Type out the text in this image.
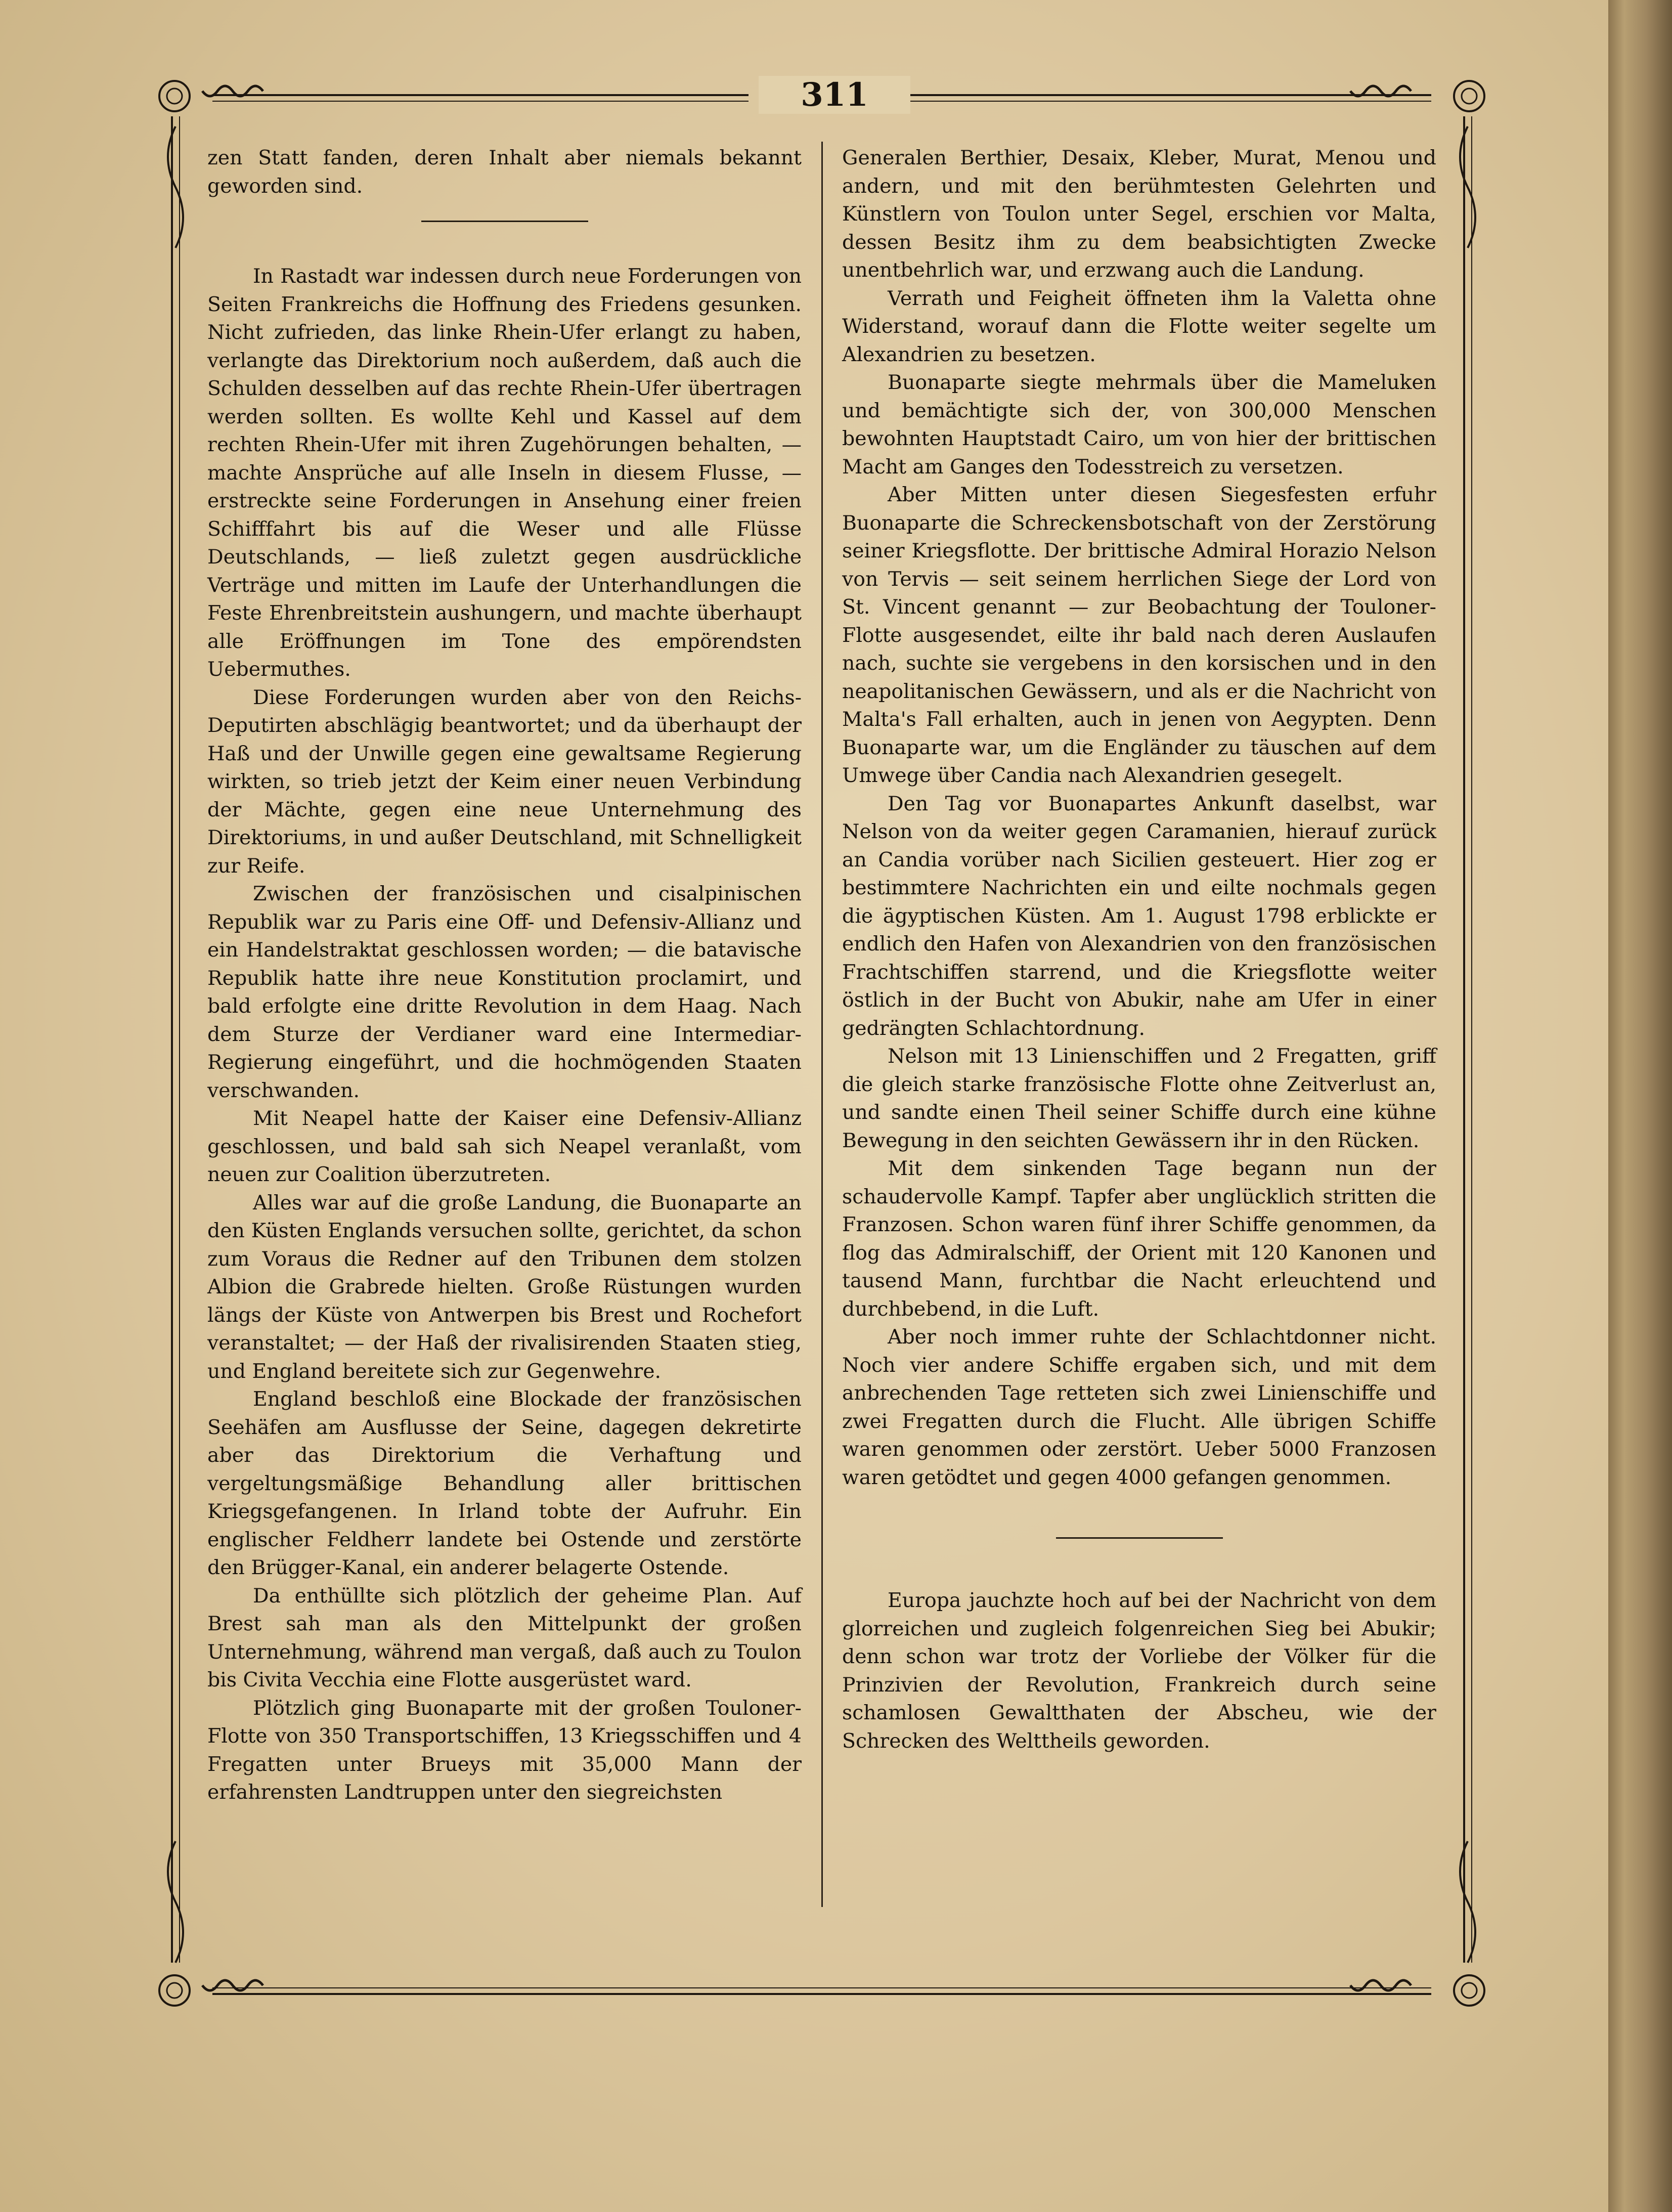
311

zen Statt fanden, deren Inhalt aber niemals bekannt geworden sind.

In Rastadt war indessen durch neue Forderungen von Seiten Frankreichs die Hoffnung des Friedens gesunken. Nicht zufrieden, das linke Rhein-Ufer erlangt zu haben, verlangte das Direktorium noch außerdem, daß auch die Schulden desselben auf das rechte Rhein-Ufer übertragen werden sollten. Es wollte Kehl und Kassel auf dem rechten Rhein-Ufer mit ihren Zugehörungen behalten, — machte Ansprüche auf alle Inseln in diesem Flusse, — erstreckte seine Forderungen in Ansehung einer freien Schifffahrt bis auf die Weser und alle Flüsse Deutschlands, — ließ zuletzt gegen ausdrückliche Verträge und mitten im Laufe der Unterhandlungen die Feste Ehrenbreitstein aushungern, und machte überhaupt alle Eröffnungen im Tone des empörendsten Uebermuthes.

Diese Forderungen wurden aber von den Reichs-Deputirten abschlägig beantwortet; und da überhaupt der Haß und der Unwille gegen eine gewaltsame Regierung wirkten, so trieb jetzt der Keim einer neuen Verbindung der Mächte, gegen eine neue Unternehmung des Direktoriums, in und außer Deutschland, mit Schnelligkeit zur Reife.

Zwischen der französischen und cisalpinischen Republik war zu Paris eine Off- und Defensiv-Allianz und ein Handelstraktat geschlossen worden; — die batavische Republik hatte ihre neue Konstitution proclamirt, und bald erfolgte eine dritte Revolution in dem Haag. Nach dem Sturze der Verdianer ward eine Intermediar-Regierung eingeführt, und die hochmögenden Staaten verschwanden.

Mit Neapel hatte der Kaiser eine Defensiv-Allianz geschlossen, und bald sah sich Neapel veranlaßt, vom neuen zur Coalition überzutreten.

Alles war auf die große Landung, die Buonaparte an den Küsten Englands versuchen sollte, gerichtet, da schon zum Voraus die Redner auf den Tribunen dem stolzen Albion die Grabrede hielten. Große Rüstungen wurden längs der Küste von Antwerpen bis Brest und Rochefort veranstaltet; — der Haß der rivalisirenden Staaten stieg, und England bereitete sich zur Gegenwehre.

England beschloß eine Blockade der französischen Seehäfen am Ausflusse der Seine, dagegen dekretirte aber das Direktorium die Verhaftung und vergeltungsmäßige Behandlung aller brittischen Kriegsgefangenen. In Irland tobte der Aufruhr. Ein englischer Feldherr landete bei Ostende und zerstörte den Brügger-Kanal, ein anderer belagerte Ostende.

Da enthüllte sich plötzlich der geheime Plan. Auf Brest sah man als den Mittelpunkt der großen Unternehmung, während man vergaß, daß auch zu Toulon bis Civita Vecchia eine Flotte ausgerüstet ward.

Plötzlich ging Buonaparte mit der großen Touloner-Flotte von 350 Transportschiffen, 13 Kriegsschiffen und 4 Fregatten unter Brueys mit 35,000 Mann der erfahrensten Landtruppen unter den siegreichsten

Generalen Berthier, Desaix, Kleber, Murat, Menou und andern, und mit den berühmtesten Gelehrten und Künstlern von Toulon unter Segel, erschien vor Malta, dessen Besitz ihm zu dem beabsichtigten Zwecke unentbehrlich war, und erzwang auch die Landung.

Verrath und Feigheit öffneten ihm la Valetta ohne Widerstand, worauf dann die Flotte weiter segelte um Alexandrien zu besetzen.

Buonaparte siegte mehrmals über die Mameluken und bemächtigte sich der, von 300,000 Menschen bewohnten Hauptstadt Cairo, um von hier der brittischen Macht am Ganges den Todesstreich zu versetzen.

Aber Mitten unter diesen Siegesfesten erfuhr Buonaparte die Schreckensbotschaft von der Zerstörung seiner Kriegsflotte. Der brittische Admiral Horazio Nelson von Tervis — seit seinem herrlichen Siege der Lord von St. Vincent genannt — zur Beobachtung der Touloner-Flotte ausgesendet, eilte ihr bald nach deren Auslaufen nach, suchte sie vergebens in den korsischen und in den neapolitanischen Gewässern, und als er die Nachricht von Malta's Fall erhalten, auch in jenen von Aegypten. Denn Buonaparte war, um die Engländer zu täuschen auf dem Umwege über Candia nach Alexandrien gesegelt.

Den Tag vor Buonapartes Ankunft daselbst, war Nelson von da weiter gegen Caramanien, hierauf zurück an Candia vorüber nach Sicilien gesteuert. Hier zog er bestimmtere Nachrichten ein und eilte nochmals gegen die ägyptischen Küsten. Am 1. August 1798 erblickte er endlich den Hafen von Alexandrien von den französischen Frachtschiffen starrend, und die Kriegsflotte weiter östlich in der Bucht von Abukir, nahe am Ufer in einer gedrängten Schlachtordnung.

Nelson mit 13 Linienschiffen und 2 Fregatten, griff die gleich starke französische Flotte ohne Zeitverlust an, und sandte einen Theil seiner Schiffe durch eine kühne Bewegung in den seichten Gewässern ihr in den Rücken.

Mit dem sinkenden Tage begann nun der schaudervolle Kampf. Tapfer aber unglücklich stritten die Franzosen. Schon waren fünf ihrer Schiffe genommen, da flog das Admiralschiff, der Orient mit 120 Kanonen und tausend Mann, furchtbar die Nacht erleuchtend und durchbebend, in die Luft.

Aber noch immer ruhte der Schlachtdonner nicht. Noch vier andere Schiffe ergaben sich, und mit dem anbrechenden Tage retteten sich zwei Linienschiffe und zwei Fregatten durch die Flucht. Alle übrigen Schiffe waren genommen oder zerstört. Ueber 5000 Franzosen waren getödtet und gegen 4000 gefangen genommen.

Europa jauchzte hoch auf bei der Nachricht von dem glorreichen und zugleich folgenreichen Sieg bei Abukir; denn schon war trotz der Vorliebe der Völker für die Prinzivien der Revolution, Frankreich durch seine schamlosen Gewaltthaten der Abscheu, wie der Schrecken des Welttheils geworden.
